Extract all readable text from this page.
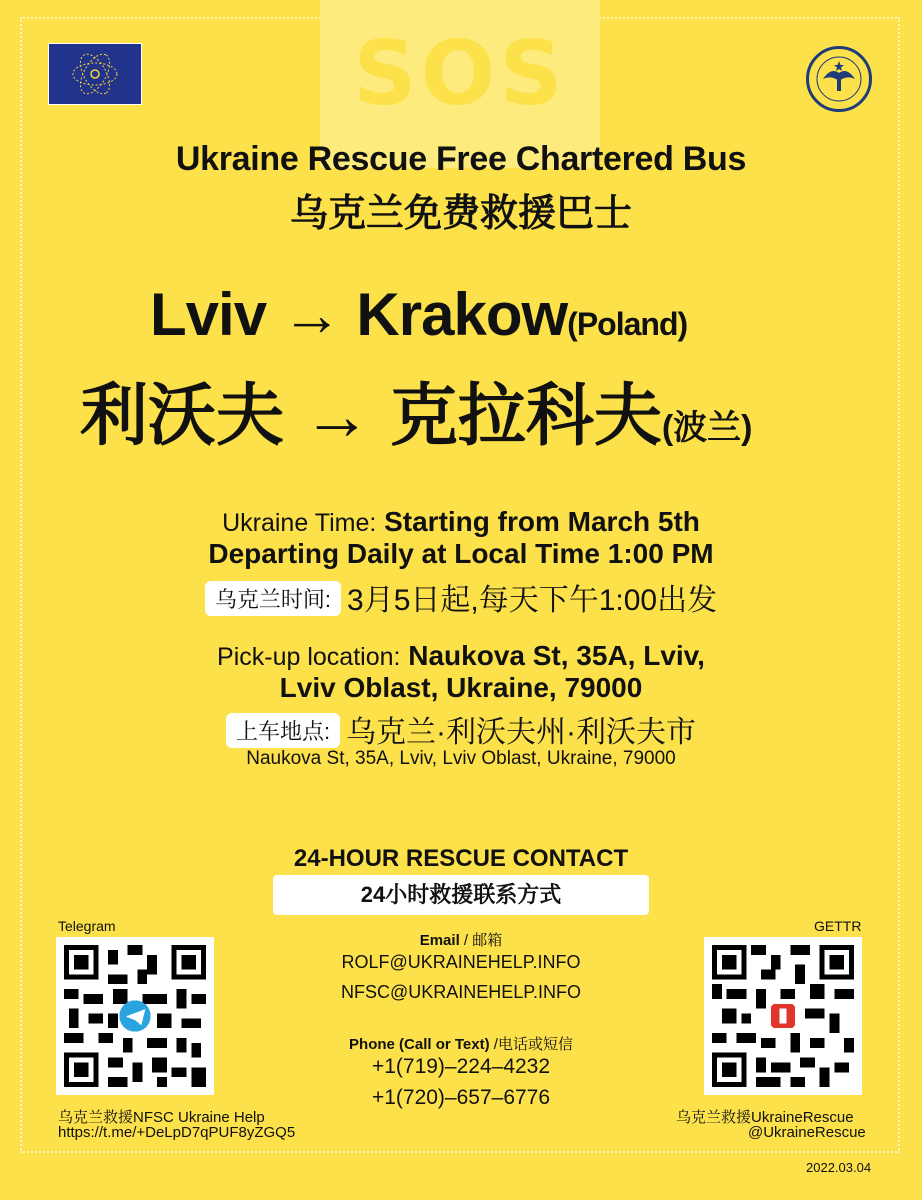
SOS
Ukraine Rescue Free Chartered Bus
乌克兰免费救援巴士
Lviv → Krakow(Poland)
利沃夫 → 克拉科夫(波兰)
Ukraine Time: Starting from March 5th
Departing Daily at Local Time 1:00 PM
乌克兰时间: 3月5日起,每天下午1:00出发
Pick-up location: Naukova St, 35A, Lviv,
Lviv Oblast, Ukraine, 79000
上车地点: 乌克兰·利沃夫州·利沃夫市
Naukova St, 35A, Lviv, Lviv Oblast, Ukraine, 79000
24-HOUR RESCUE CONTACT
24小时救援联系方式
Email / 邮箱
ROLF@UKRAINEHELP.INFO
NFSC@UKRAINEHELP.INFO
Phone (Call or Text) /电话或短信
+1(719)–224–4232
+1(720)–657–6776
Telegram
乌克兰救援NFSC Ukraine Help
https://t.me/+DeLpD7qPUF8yZGQ5
GETTR
乌克兰救援UkraineRescue
@UkraineRescue
2022.03.04
